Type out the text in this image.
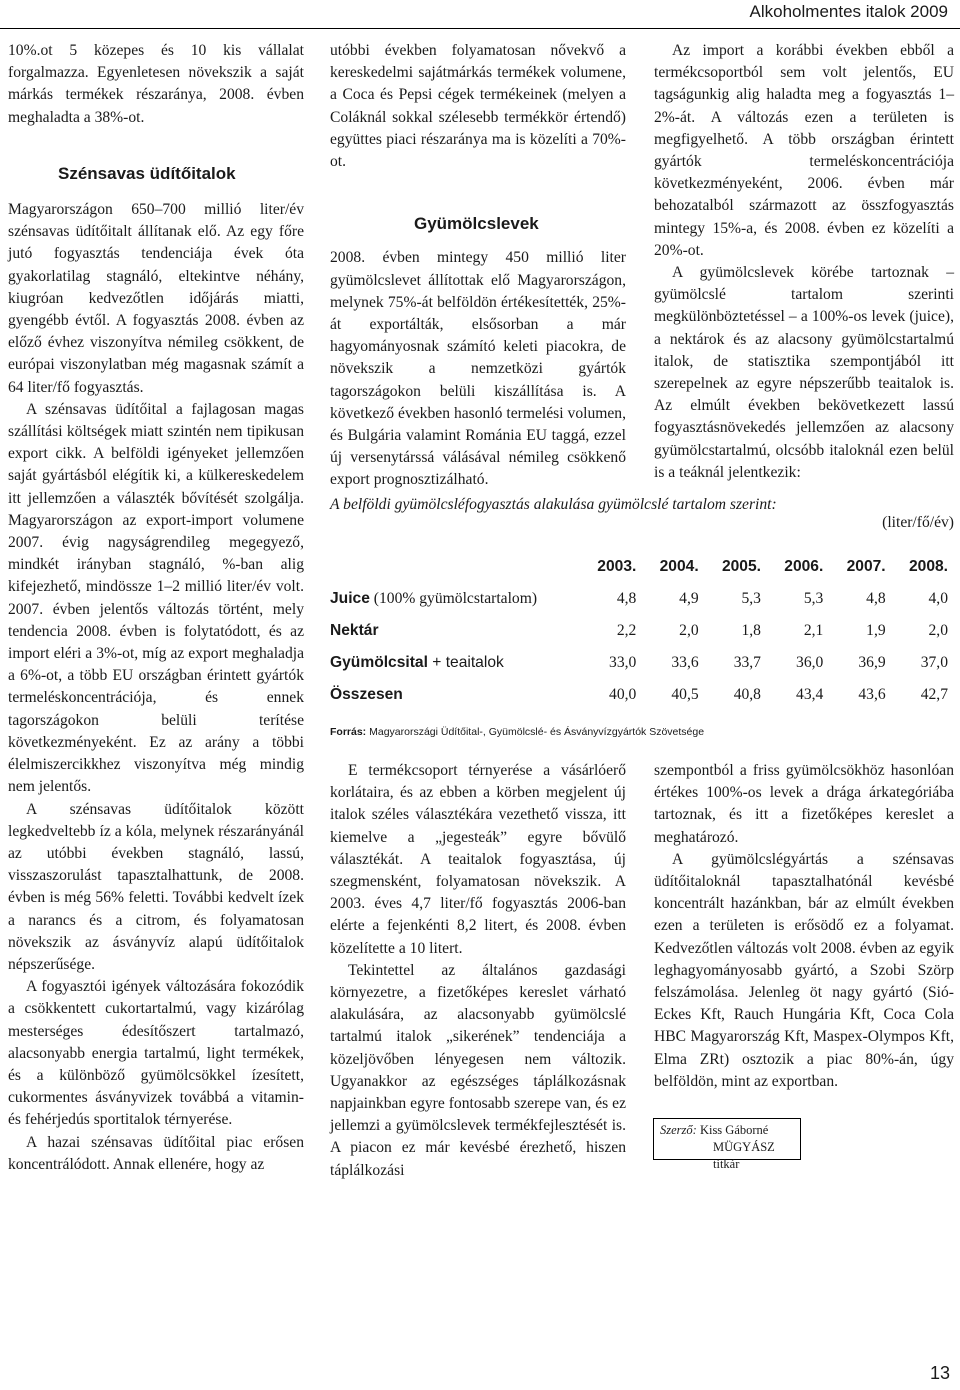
Alkoholmentes italok 2009

10%.ot 5 közepes és 10 kis vállalat forgalmazza. Egyenletesen növekszik a saját márkás termékek részaránya, 2008. évben meghaladta a 38%-ot.

Szénsavas üdítőitalok

Magyarországon 650–700 millió liter/év szénsavas üdítőitalt állítanak elő. Az egy főre jutó fogyasztás tendenciája évek óta gyakorlatilag stagnáló, eltekintve néhány, kiugróan kedvezőtlen időjárás miatti, gyengébb évtől. A fogyasztás 2008. évben az előző évhez viszonyítva némileg csökkent, de európai viszonylatban még magasnak számít a 64 liter/fő fogyasztás.

A szénsavas üdítőital a fajlagosan magas szállítási költségek miatt szintén nem tipikusan export cikk. A belföldi igényeket jellemzően saját gyártásból elégítik ki, a külkereskedelem itt jellemzően a választék bővítését szolgálja. Magyarországon az export-import volumene 2007. évig nagyságrendileg megegyező, mindkét irányban stagnáló, %-ban alig kifejezhető, mindössze 1–2 millió liter/év volt. 2007. évben jelentős változás történt, mely tendencia 2008. évben is folytatódott, és az import eléri a 3%-ot, míg az export meghaladja a 6%-ot, a több EU országban érintett gyártók termeléskoncentrációja, és ennek tagországokon belüli terítése következményeként. Ez az arány a többi élelmiszercikkhez viszonyítva még mindig nem jelentős.

A szénsavas üdítőitalok között legkedveltebb íz a kóla, melynek részarányánál az utóbbi években stagnáló, lassú, visszaszorulást tapasztalhattunk, de 2008. évben is még 56% feletti. További kedvelt ízek a narancs és a citrom, és folyamatosan növekszik az ásványvíz alapú üdítőitalok népszerűsége.

A fogyasztói igények változására fokozódik a csökkentett cukortartalmú, vagy kizárólag mesterséges édesítőszert tartalmazó, alacsonyabb energia tartalmú, light termékek, és a különböző gyümölcsökkel ízesített, cukormentes ásványvizek továbbá a vitamin- és fehérjedús sportitalok térnyerése.

A hazai szénsavas üdítőital piac erősen koncentrálódott. Annak ellenére, hogy az

utóbbi években folyamatosan nővekvő a kereskedelmi sajátmárkás termékek volumene, a Coca és Pepsi cégek termékeinek (melyen a Coláknál sokkal szélesebb termékkör értendő) együttes piaci részaránya ma is közelíti a 70%-ot.

Gyümölcslevek

2008. évben mintegy 450 millió liter gyümölcslevet állítottak elő Magyarországon, melynek 75%-át belföldön értékesítették, 25%-át exportálták, elsősorban a már hagyományosnak számító keleti piacokra, de növekszik a nemzetközi gyártók tagországokon belüli kiszállítása is. A következő években hasonló termelési volumen, és Bulgária valamint Románia EU taggá, ezzel új versenytárssá válásával némileg csökkenő export prognosztizálható.

Az import a korábbi években ebből a termékcsoportból sem volt jelentős, EU tagságunkig alig haladta meg a fogyasztás 1–2%-át. A változás ezen a területen is megfigyelhető. A több országban érintett gyártók termeléskoncentrációja következményeként, 2006. évben már behozatalból származott az összfogyasztás mintegy 15%-a, és 2008. évben ez közelíti a 20%-ot.

A gyümölcslevek körébe tartoznak – gyümölcslé tartalom szerinti megkülönböztetéssel – a 100%-os levek (juice), a nektárok és az alacsony gyümölcstartalmú italok, de statisztika szempontjából itt szerepelnek az egyre népszerűbb teaitalok is. Az elmúlt években bekövetkezett lassú fogyasztásnövekedés jellemzően az alacsony gyümölcstartalmú, olcsóbb italoknál ezen belül is a teáknál jelentkezik:

A belföldi gyümölcsléfogyasztás alakulása gyümölcslé tartalom szerint:
(liter/fő/év)
	2003.	2004.	2005.	2006.	2007.	2008.
Juice (100% gyümölcstartalom)	4,8	4,9	5,3	5,3	4,8	4,0
Nektár	2,2	2,0	1,8	2,1	1,9	2,0
Gyümölcsital + teaitalok	33,0	33,6	33,7	36,0	36,9	37,0
Összesen	40,0	40,5	40,8	43,4	43,6	42,7
Forrás: Magyarországi Üdítőital-, Gyümölcslé- és Ásványvízgyártók Szövetsége

E termékcsoport térnyerése a vásárlóerő korlátaira, és az ebben a körben megjelent új italok széles választékára vezethető vissza, itt kiemelve a „jegesteák” egyre bővülő választékát. A teaitalok fogyasztása, új szegmensként, folyamatosan növekszik. A 2003. éves 4,7 liter/fő fogyasztás 2006-ban elérte a fejenkénti 8,2 litert, és 2008. évben közelítette a 10 litert.

Tekintettel az általános gazdasági környezetre, a fizetőképes kereslet várható alakulására, az alacsonyabb gyümölcslé tartalmú italok „sikerének” tendenciája a közeljövőben lényegesen nem változik. Ugyanakkor az egészséges táplálkozásnak napjainkban egyre fontosabb szerepe van, és ez jellemzi a gyümölcslevek termékfejlesztését is. A piacon ez már kevésbé érezhető, hiszen táplálkozási

szempontból a friss gyümölcsökhöz hasonlóan értékes 100%-os levek a drága árkategóriába tartoznak, és itt a fizetőképes kereslet a meghatározó.

A gyümölcslégyártás a szénsavas üdítőitaloknál tapasztalhatónál kevésbé koncentrált hazánkban, bár az elmúlt években ezen a területen is erősödő ez a folyamat. Kedvezőtlen változás volt 2008. évben az egyik leghagyományosabb gyártó, a Szobi Szörp felszámolása. Jelenleg öt nagy gyártó (Sió-Eckes Kft, Rauch Hungária Kft, Coca Cola HBC Magyarország Kft, Maspex-Olympos Kft, Elma ZRt) osztozik a piac 80%-án, úgy belföldön, mint az exportban.

Szerző: Kiss Gáborné
MÜGYÁSZ titkár
13
